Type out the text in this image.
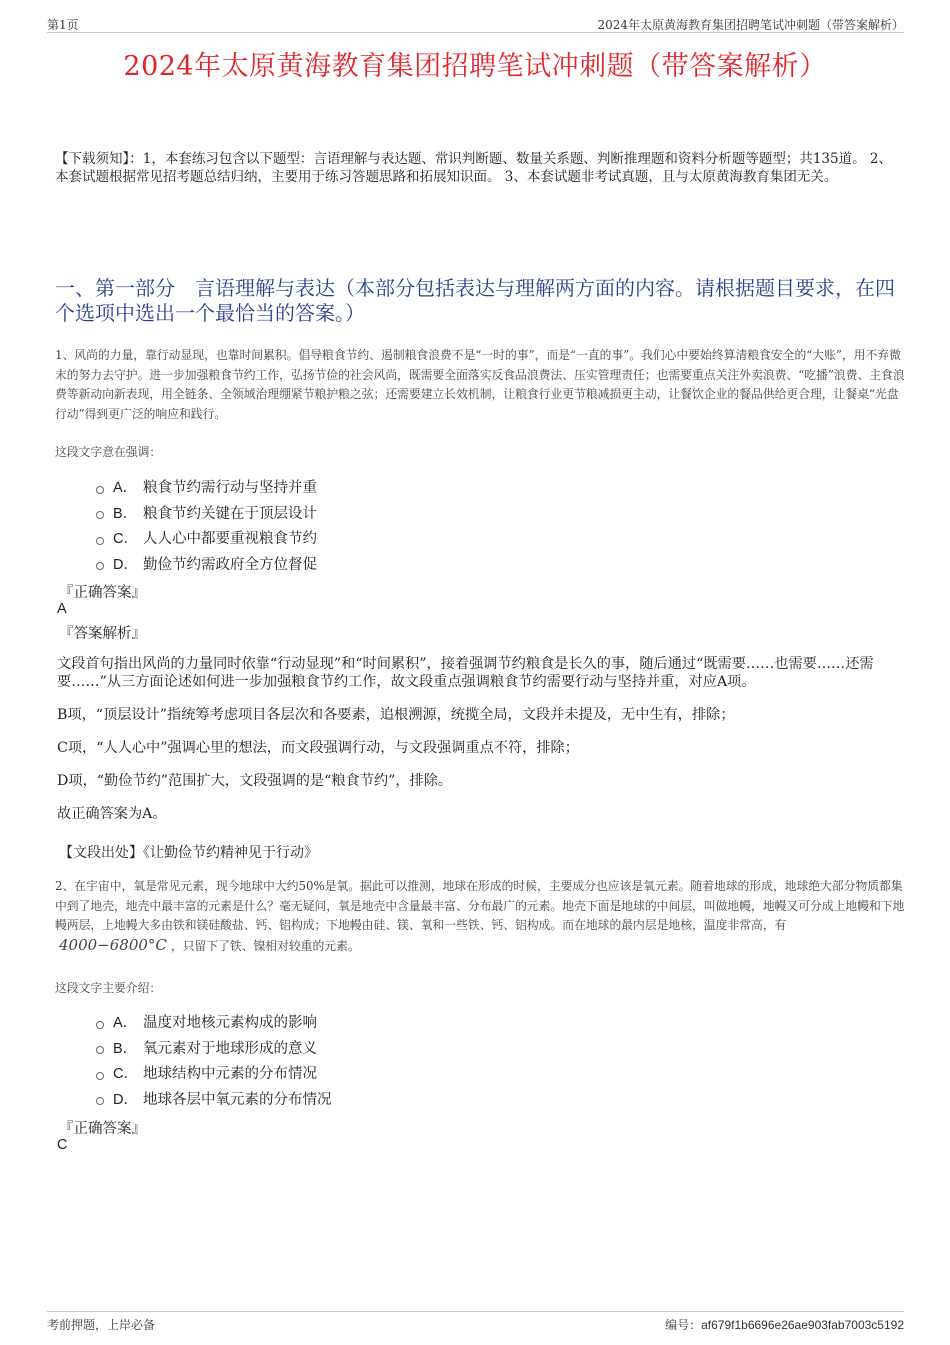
第1页	2024年太原黄海教育集团招聘笔试冲刺题（带答案解析）
2024年太原黄海教育集团招聘笔试冲刺题（带答案解析）
【下载须知】：1，本套练习包含以下题型：言语理解与表达题、常识判断题、数量关系题、判断推理题和资料分析题等题型；共135道。 2、本套试题根据常见招考题总结归纳，主要用于练习答题思路和拓展知识面。 3、本套试题非考试真题，且与太原黄海教育集团无关。
一、第一部分　言语理解与表达（本部分包括表达与理解两方面的内容。请根据题目要求，在四个选项中选出一个最恰当的答案。）
1、风尚的力量，靠行动显现，也靠时间累积。倡导粮食节约、遏制粮食浪费不是“一时的事”，而是“一直的事”。我们心中要始终算清粮食安全的“大账”，用不弃微末的努力去守护。进一步加强粮食节约工作，弘扬节俭的社会风尚，既需要全面落实反食品浪费法、压实管理责任；也需要重点关注外卖浪费、“吃播”浪费、主食浪费等新动向新表现，用全链条、全领域治理绷紧节粮护粮之弦；还需要建立长效机制，让粮食行业更节粮减损更主动，让餐饮企业的餐品供给更合理，让餐桌“光盘行动”得到更广泛的响应和践行。
这段文字意在强调：
A． 粮食节约需行动与坚持并重
B． 粮食节约关键在于顶层设计
C． 人人心中都要重视粮食节约
D． 勤俭节约需政府全方位督促
『正确答案』
A
『答案解析』

文段首句指出风尚的力量同时依靠“行动显现”和“时间累积”，接着强调节约粮食是长久的事，随后通过“既需要……也需要……还需要……”从三方面论述如何进一步加强粮食节约工作，故文段重点强调粮食节约需要行动与坚持并重，对应A项。

B项，“顶层设计”指统筹考虑项目各层次和各要素，追根溯源，统揽全局，文段并未提及，无中生有，排除；

C项，“人人心中”强调心里的想法，而文段强调行动，与文段强调重点不符，排除；

D项，“勤俭节约”范围扩大，文段强调的是“粮食节约”，排除。

故正确答案为A。

【文段出处】《让勤俭节约精神见于行动》
2、在宇宙中，氧是常见元素，现今地球中大约50%是氧。据此可以推测，地球在形成的时候，主要成分也应该是氧元素。随着地球的形成，地球绝大部分物质都集中到了地壳，地壳中最丰富的元素是什么？毫无疑问，氧是地壳中含量最丰富、分布最广的元素。地壳下面是地球的中间层，叫做地幔，地幔又可分成上地幔和下地幔两层，上地幔大多由铁和镁硅酸盐、钙、铝构成；下地幔由硅、镁、氧和一些铁、钙、铝构成。而在地球的最内层是地核，温度非常高，有4000−6800°C ，只留下了铁、镍相对较重的元素。
这段文字主要介绍：
A． 温度对地核元素构成的影响
B． 氧元素对于地球形成的意义
C． 地球结构中元素的分布情况
D． 地球各层中氧元素的分布情况
『正确答案』
C
考前押题，上岸必备	编号：af679f1b6696e26ae903fab7003c5192
